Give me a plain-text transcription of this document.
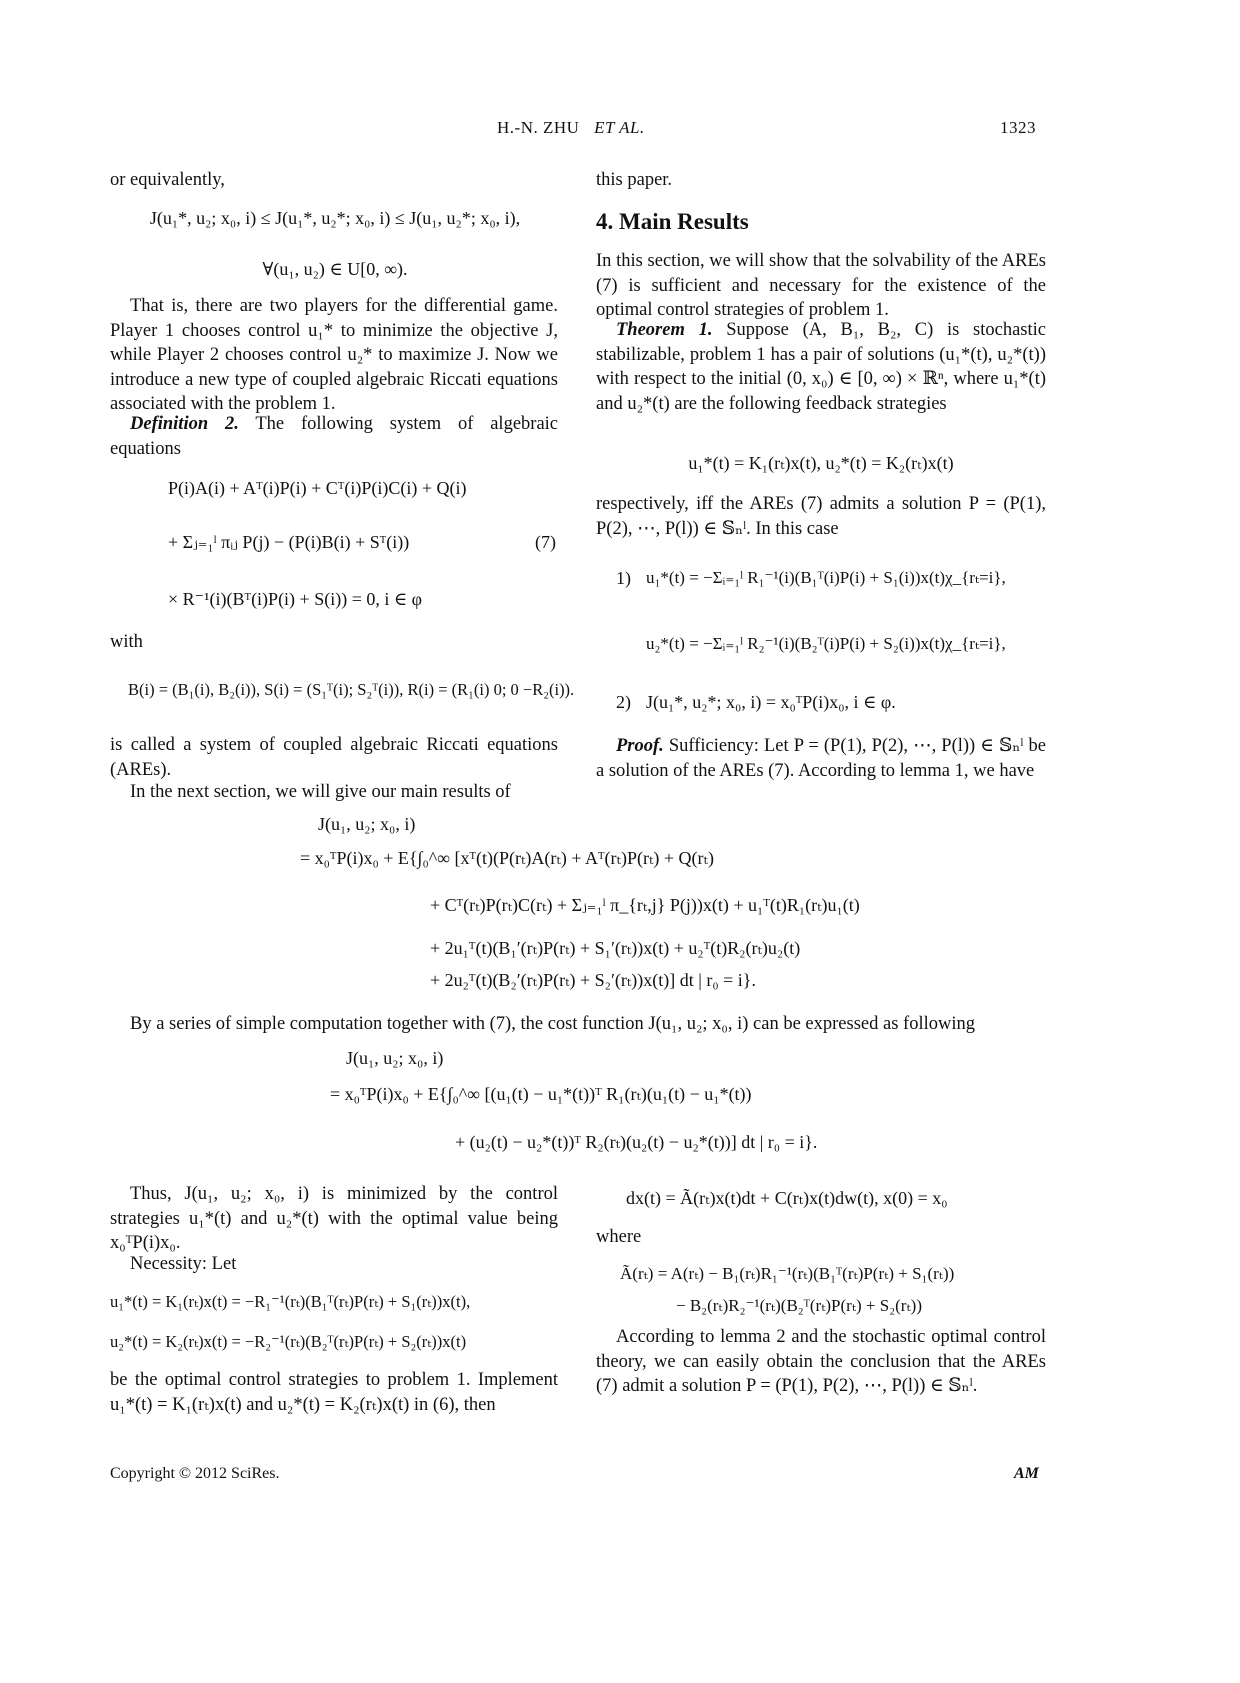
H.-N. ZHU ET AL.	1323
or equivalently,
J(u₁*, u₂; x₀, i) ≤ J(u₁*, u₂*; x₀, i) ≤ J(u₁, u₂*; x₀, i),
∀(u₁, u₂) ∈ U[0, ∞).
That is, there are two players for the differential game. Player 1 chooses control u₁* to minimize the objective J, while Player 2 chooses control u₂* to maximize J. Now we introduce a new type of coupled algebraic Riccati equations associated with the problem 1.
Definition 2. The following system of algebraic equations
P(i)A(i) + Aᵀ(i)P(i) + Cᵀ(i)P(i)C(i) + Q(i)
+ Σⱼ₌₁ˡ πᵢⱼ P(j) − (P(i)B(i) + Sᵀ(i))	(7)
× R⁻¹(i)(Bᵀ(i)P(i) + S(i)) = 0, i ∈ φ
with
B(i) = (B₁(i), B₂(i)), S(i) = (S₁ᵀ(i); S₂ᵀ(i)), R(i) = (R₁(i) 0; 0 −R₂(i)).
is called a system of coupled algebraic Riccati equations (AREs).
In the next section, we will give our main results of
this paper.
4. Main Results
In this section, we will show that the solvability of the AREs (7) is sufficient and necessary for the existence of the optimal control strategies of problem 1.
Theorem 1. Suppose (A, B₁, B₂, C) is stochastic stabilizable, problem 1 has a pair of solutions (u₁*(t), u₂*(t)) with respect to the initial (0, x₀) ∈ [0, ∞) × ℝⁿ, where u₁*(t) and u₂*(t) are the following feedback strategies
u₁*(t) = K₁(rₜ)x(t), u₂*(t) = K₂(rₜ)x(t)
respectively, iff the AREs (7) admits a solution P = (P(1), P(2), ⋯, P(l)) ∈ 𝕊ₙˡ. In this case
1) u₁*(t) = −Σᵢ₌₁ˡ R₁⁻¹(i)(B₁ᵀ(i)P(i) + S₁(i))x(t)χ_{rₜ=i},
u₂*(t) = −Σᵢ₌₁ˡ R₂⁻¹(i)(B₂ᵀ(i)P(i) + S₂(i))x(t)χ_{rₜ=i},
2) J(u₁*, u₂*; x₀, i) = x₀ᵀP(i)x₀, i ∈ φ.
Proof. Sufficiency: Let P = (P(1), P(2), ⋯, P(l)) ∈ 𝕊ₙˡ be a solution of the AREs (7). According to lemma 1, we have
J(u₁, u₂; x₀, i)
= x₀ᵀP(i)x₀ + E{∫₀^∞ [xᵀ(t)(P(rₜ)A(rₜ) + Aᵀ(rₜ)P(rₜ) + Q(rₜ)
+ Cᵀ(rₜ)P(rₜ)C(rₜ) + Σⱼ₌₁ˡ π_{rₜ,j} P(j))x(t) + u₁ᵀ(t)R₁(rₜ)u₁(t)
+ 2u₁ᵀ(t)(B₁′(rₜ)P(rₜ) + S₁′(rₜ))x(t) + u₂ᵀ(t)R₂(rₜ)u₂(t)
+ 2u₂ᵀ(t)(B₂′(rₜ)P(rₜ) + S₂′(rₜ))x(t)] dt | r₀ = i}.
By a series of simple computation together with (7), the cost function J(u₁, u₂; x₀, i) can be expressed as following
J(u₁, u₂; x₀, i)
= x₀ᵀP(i)x₀ + E{∫₀^∞ [(u₁(t) − u₁*(t))ᵀ R₁(rₜ)(u₁(t) − u₁*(t))
+ (u₂(t) − u₂*(t))ᵀ R₂(rₜ)(u₂(t) − u₂*(t))] dt | r₀ = i}.
Thus, J(u₁, u₂; x₀, i) is minimized by the control strategies u₁*(t) and u₂*(t) with the optimal value being x₀ᵀP(i)x₀.
Necessity: Let
u₁*(t) = K₁(rₜ)x(t) = −R₁⁻¹(rₜ)(B₁ᵀ(rₜ)P(rₜ) + S₁(rₜ))x(t),
u₂*(t) = K₂(rₜ)x(t) = −R₂⁻¹(rₜ)(B₂ᵀ(rₜ)P(rₜ) + S₂(rₜ))x(t)
be the optimal control strategies to problem 1. Implement u₁*(t) = K₁(rₜ)x(t) and u₂*(t) = K₂(rₜ)x(t) in (6), then
dx(t) = Ã(rₜ)x(t)dt + C(rₜ)x(t)dw(t), x(0) = x₀
where
Ã(rₜ) = A(rₜ) − B₁(rₜ)R₁⁻¹(rₜ)(B₁ᵀ(rₜ)P(rₜ) + S₁(rₜ))
− B₂(rₜ)R₂⁻¹(rₜ)(B₂ᵀ(rₜ)P(rₜ) + S₂(rₜ))
According to lemma 2 and the stochastic optimal control theory, we can easily obtain the conclusion that the AREs (7) admit a solution P = (P(1), P(2), ⋯, P(l)) ∈ 𝕊ₙˡ.
Copyright © 2012 SciRes.	AM
